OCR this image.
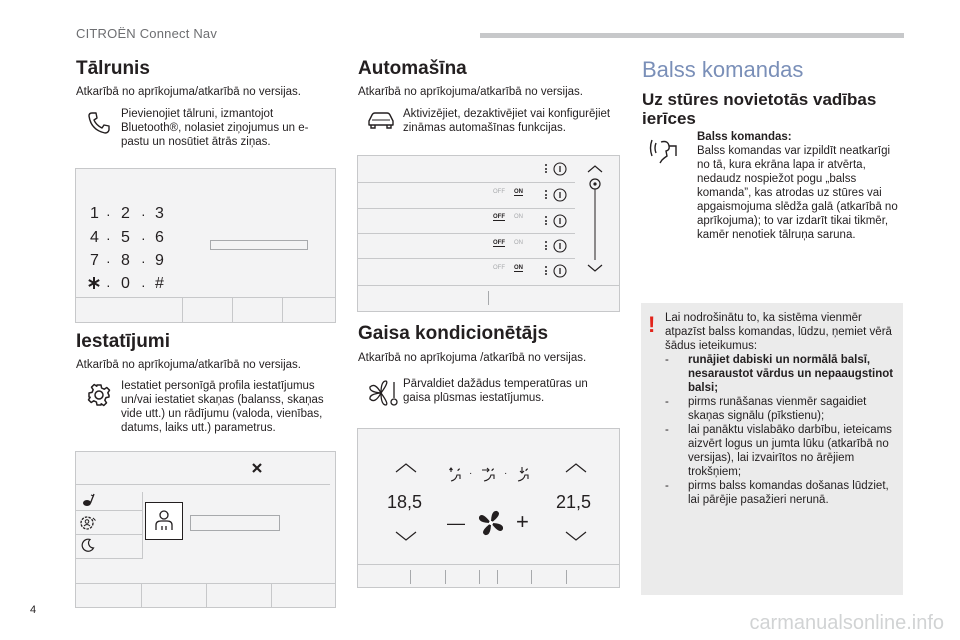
CITROËN Connect Nav
Tālrunis
Atkarībā no aprīkojuma/atkarībā no versijas.
Pievienojiet tālruni, izmantojot Bluetooth®, nolasiet ziņojumus un e-pastu un nosūtiet ātrās ziņas.
1 · 2 · 3
4 · 5 · 6
7 · 8 · 9
· 0 · #
Iestatījumi
Atkarībā no aprīkojuma/atkarībā no versijas.
Iestatiet personīgā profila iestatījumus un/vai iestatiet skaņas (balanss, skaņas vide utt.) un rādījumu (valoda, vienības, datums, laiks utt.) parametrus.
Automašīna
Atkarībā no aprīkojuma/atkarībā no versijas.
Aktivizējiet, dezaktivējiet vai konfigurējiet zināmas automašīnas funkcijas.
OFF ON
OFF ON
OFF ON
OFF ON
Gaisa kondicionētājs
Atkarībā no aprīkojuma /atkarībā no versijas.
Pārvaldiet dažādus temperatūras un gaisa plūsmas iestatījumus.
18,5	21,5
·	·
— +
Balss komandas
Uz stūres novietotās vadības ierīces
Balss komandas:
Balss komandas var izpildīt neatkarīgi no tā, kura ekrāna lapa ir atvērta, nedaudz nospiežot pogu „balss komanda”, kas atrodas uz stūres vai apgaismojuma slēdža galā (atkarībā no aprīkojuma); to var izdarīt tikai tikmēr, kamēr nenotiek tālruņa saruna.
! Lai nodrošinātu to, ka sistēma vienmēr atpazīst balss komandas, lūdzu, ņemiet vērā šādus ieteikumus:
- runājiet dabiski un normālā balsī, nesaraustot vārdus un nepaaugstinot balsi;
- pirms runāšanas vienmēr sagaidiet skaņas signālu (pīkstienu);
- lai panāktu vislabāko darbību, ieteicams aizvērt logus un jumta lūku (atkarībā no versijas), lai izvairītos no ārējiem trokšņiem;
- pirms balss komandas došanas lūdziet, lai pārējie pasažieri nerunā.
4
carmanualsonline.info
